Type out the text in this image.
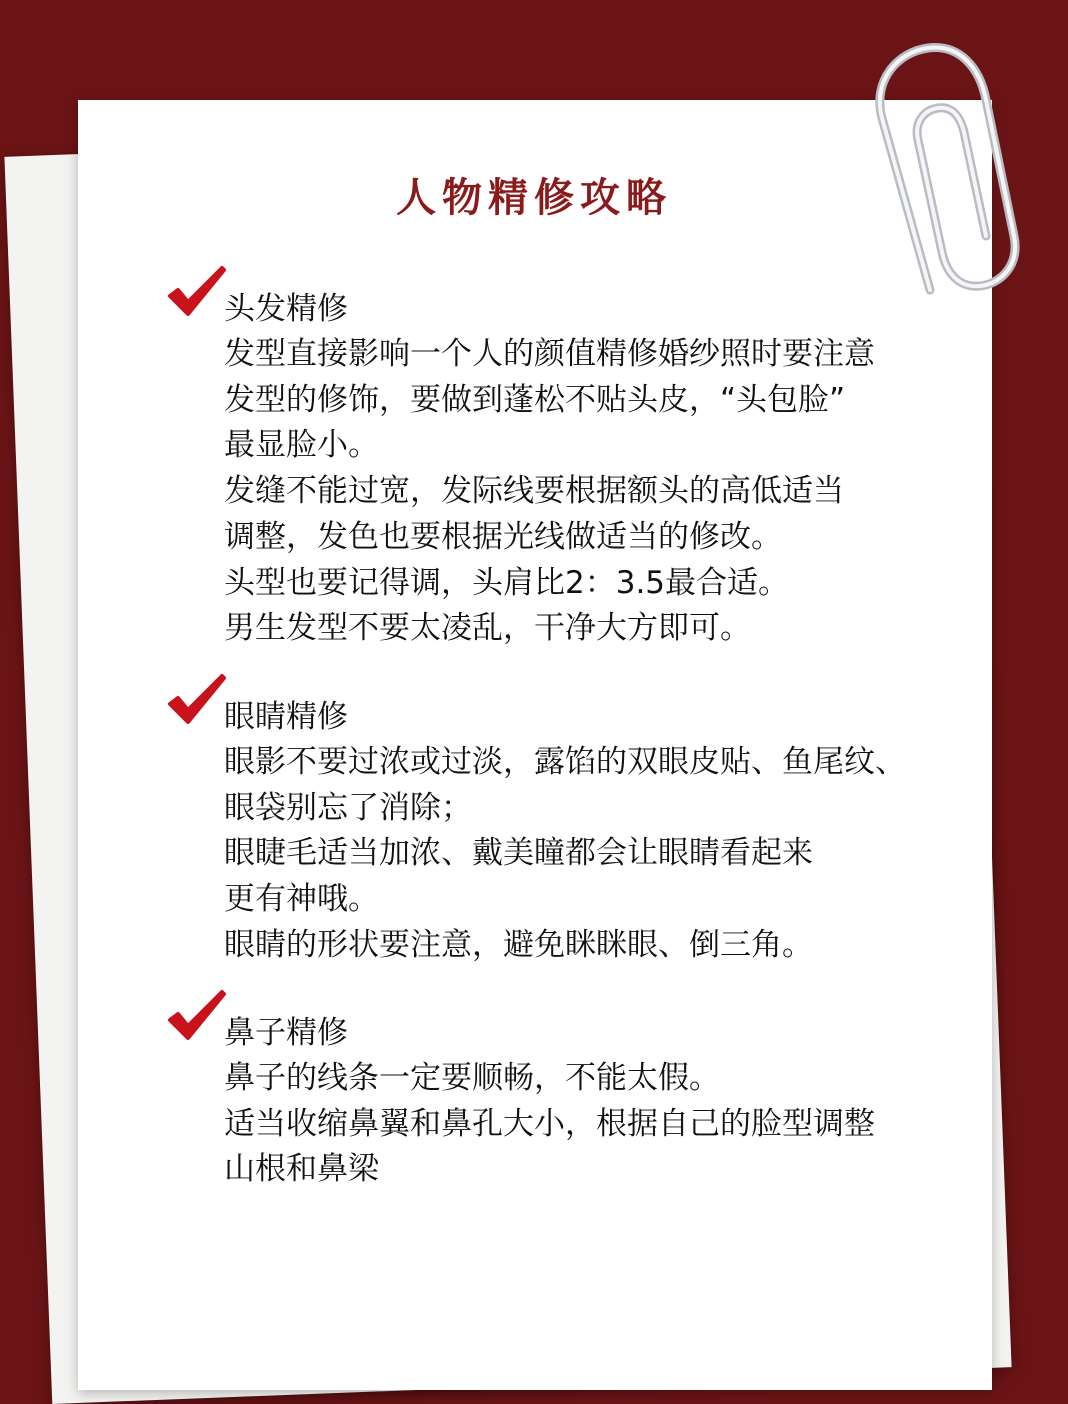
人物精修攻略
头发精修
发型直接影响一个人的颜值精修婚纱照时要注意
发型的修饰，要做到蓬松不贴头皮，“头包脸”
最显脸小。
发缝不能过宽，发际线要根据额头的高低适当
调整，发色也要根据光线做适当的修改。
头型也要记得调，头肩比2：3.5最合适。
男生发型不要太凌乱，干净大方即可。
眼睛精修
眼影不要过浓或过淡，露馅的双眼皮贴、鱼尾纹、
眼袋别忘了消除；
眼睫毛适当加浓、戴美瞳都会让眼睛看起来
更有神哦。
眼睛的形状要注意，避免眯眯眼、倒三角。
鼻子精修
鼻子的线条一定要顺畅，不能太假。
适当收缩鼻翼和鼻孔大小，根据自己的脸型调整
山根和鼻梁
